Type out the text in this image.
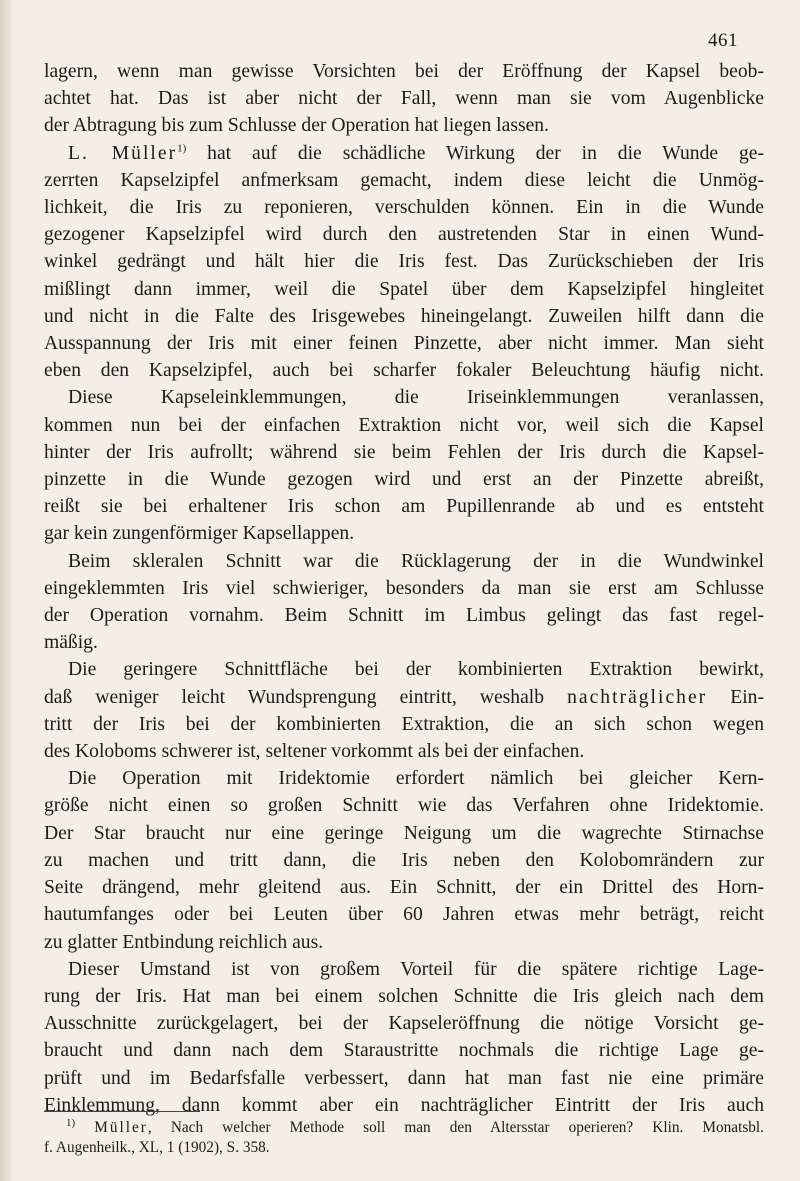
461
lagern, wenn man gewisse Vorsichten bei der Eröffnung der Kapsel beob-
achtet hat. Das ist aber nicht der Fall, wenn man sie vom Augenblicke
der Abtragung bis zum Schlusse der Operation hat liegen lassen.
L. Müller$^{1)}$ hat auf die schädliche Wirkung der in die Wunde ge-
zerrten Kapselzipfel anfmerksam gemacht, indem diese leicht die Unmög-
lichkeit, die Iris zu reponieren, verschulden können. Ein in die Wunde
gezogener Kapselzipfel wird durch den austretenden Star in einen Wund-
winkel gedrängt und hält hier die Iris fest. Das Zurückschieben der Iris
mißlingt dann immer, weil die Spatel über dem Kapselzipfel hingleitet
und nicht in die Falte des Irisgewebes hineingelangt. Zuweilen hilft dann die
Ausspannung der Iris mit einer feinen Pinzette, aber nicht immer. Man sieht
eben den Kapselzipfel, auch bei scharfer fokaler Beleuchtung häufig nicht.
Diese Kapseleinklemmungen, die Iriseinklemmungen veranlassen,
kommen nun bei der einfachen Extraktion nicht vor, weil sich die Kapsel
hinter der Iris aufrollt; während sie beim Fehlen der Iris durch die Kapsel-
pinzette in die Wunde gezogen wird und erst an der Pinzette abreißt,
reißt sie bei erhaltener Iris schon am Pupillenrande ab und es entsteht
gar kein zungenförmiger Kapsellappen.
Beim skleralen Schnitt war die Rücklagerung der in die Wundwinkel
eingeklemmten Iris viel schwieriger, besonders da man sie erst am Schlusse
der Operation vornahm. Beim Schnitt im Limbus gelingt das fast regel-
mäßig.
Die geringere Schnittfläche bei der kombinierten Extraktion bewirkt,
daß weniger leicht Wundsprengung eintritt, weshalb nachträglicher Ein-
tritt der Iris bei der kombinierten Extraktion, die an sich schon wegen
des Koloboms schwerer ist, seltener vorkommt als bei der einfachen.
Die Operation mit Iridektomie erfordert nämlich bei gleicher Kern-
größe nicht einen so großen Schnitt wie das Verfahren ohne Iridektomie.
Der Star braucht nur eine geringe Neigung um die wagrechte Stirnachse
zu machen und tritt dann, die Iris neben den Kolobomrändern zur
Seite drängend, mehr gleitend aus. Ein Schnitt, der ein Drittel des Horn-
hautumfanges oder bei Leuten über 60 Jahren etwas mehr beträgt, reicht
zu glatter Entbindung reichlich aus.
Dieser Umstand ist von großem Vorteil für die spätere richtige Lage-
rung der Iris. Hat man bei einem solchen Schnitte die Iris gleich nach dem
Ausschnitte zurückgelagert, bei der Kapseleröffnung die nötige Vorsicht ge-
braucht und dann nach dem Staraustritte nochmals die richtige Lage ge-
prüft und im Bedarfsfalle verbessert, dann hat man fast nie eine primäre
Einklemmung, dann kommt aber ein nachträglicher Eintritt der Iris auch
$^{1)}$ Müller, Nach welcher Methode soll man den Altersstar operieren? Klin. Monatsbl.
f. Augenheilk., XL, 1 (1902), S. 358.
